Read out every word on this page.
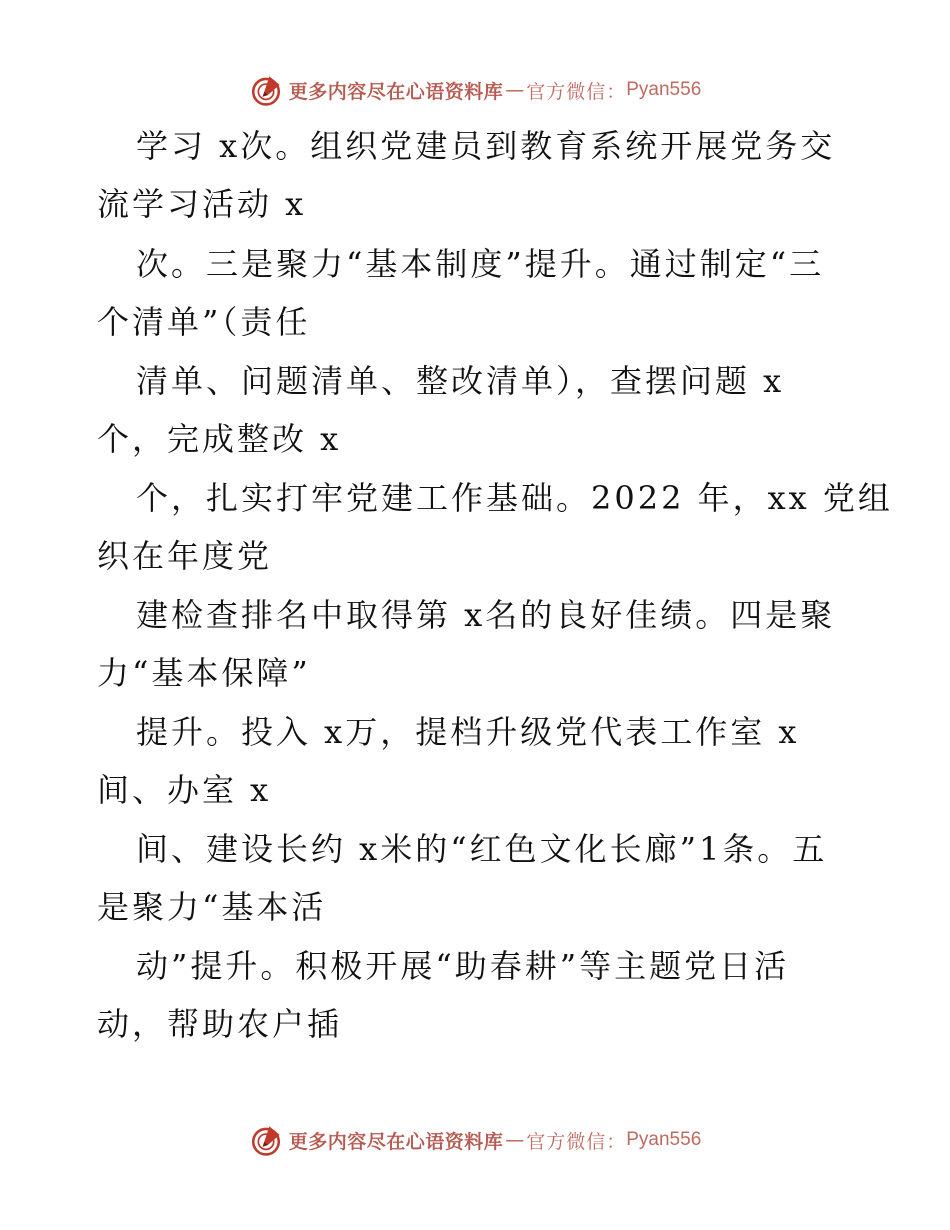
更多内容尽在心语资料库 — 官方微信： Pyan556
学习 x次。组织党建员到教育系统开展党务交
流学习活动 x
次。三是聚力“基本制度”提升。通过制定“三
个清单”（责任
清单、问题清单、整改清单），查摆问题 x
个，完成整改 x
个，扎实打牢党建工作基础。2022 年，xx 党组
织在年度党
建检查排名中取得第 x名的良好佳绩。四是聚
力“基本保障”
提升。投入 x万，提档升级党代表工作室 x
间、办室 x
间、建设长约 x米的“红色文化长廊”1条。五
是聚力“基本活
动”提升。积极开展“助春耕”等主题党日活
动，帮助农户插
更多内容尽在心语资料库 — 官方微信： Pyan556
